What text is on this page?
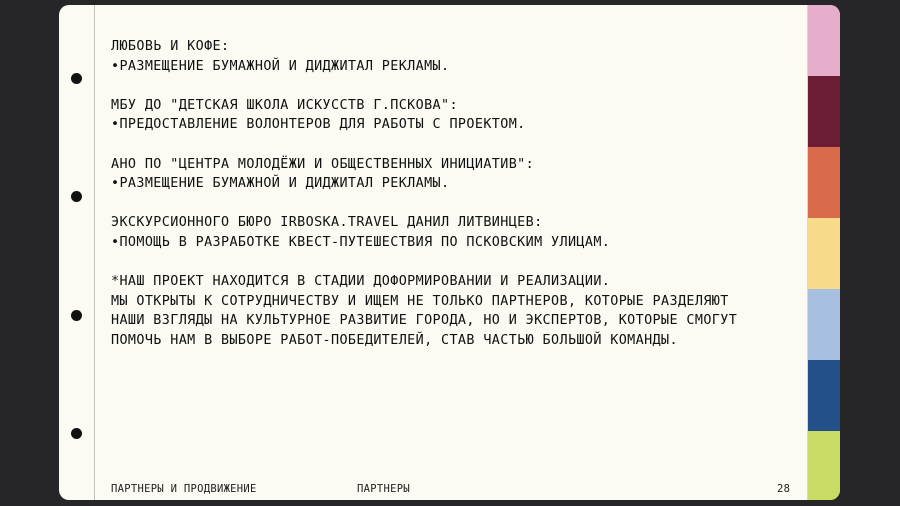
ЛЮБОВЬ И КОФЕ:
•РАЗМЕЩЕНИЕ БУМАЖНОЙ И ДИДЖИТАЛ РЕКЛАМЫ.
МБУ ДО "ДЕТСКАЯ ШКОЛА ИСКУССТВ Г.ПСКОВА":
•ПРЕДОСТАВЛЕНИЕ ВОЛОНТЕРОВ ДЛЯ РАБОТЫ С ПРОЕКТОМ.
АНО ПО "ЦЕНТРА МОЛОДЁЖИ И ОБЩЕСТВЕННЫХ ИНИЦИАТИВ":
•РАЗМЕЩЕНИЕ БУМАЖНОЙ И ДИДЖИТАЛ РЕКЛАМЫ.
ЭКСКУРСИОННОГО БЮРО IRBOSKA.TRAVEL ДАНИЛ ЛИТВИНЦЕВ:
•ПОМОЩЬ В РАЗРАБОТКЕ КВЕСТ-ПУТЕШЕСТВИЯ ПО ПСКОВСКИМ УЛИЦАМ.
*НАШ ПРОЕКТ НАХОДИТСЯ В СТАДИИ ДОФОРМИРОВАНИИ И РЕАЛИЗАЦИИ.
МЫ ОТКРЫТЫ К СОТРУДНИЧЕСТВУ И ИЩЕМ НЕ ТОЛЬКО ПАРТНЕРОВ, КОТОРЫЕ РАЗДЕЛЯЮТ
НАШИ ВЗГЛЯДЫ НА КУЛЬТУРНОЕ РАЗВИТИЕ ГОРОДА, НО И ЭКСПЕРТОВ, КОТОРЫЕ СМОГУТ
ПОМОЧЬ НАМ В ВЫБОРЕ РАБОТ-ПОБЕДИТЕЛЕЙ, СТАВ ЧАСТЬЮ БОЛЬШОЙ КОМАНДЫ.
ПАРТНЕРЫ И ПРОДВИЖЕНИЕ	ПАРТНЕРЫ	28
